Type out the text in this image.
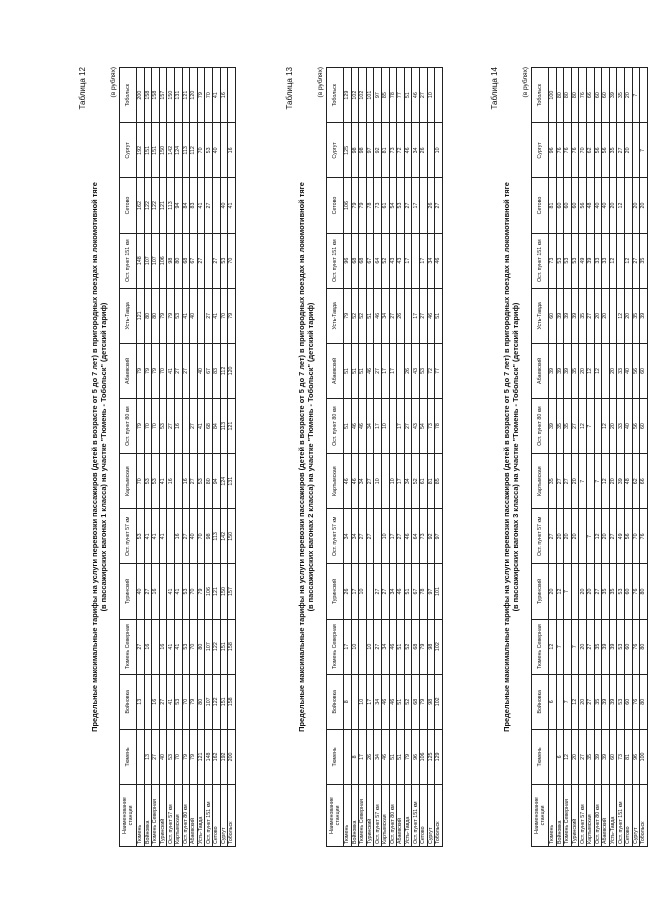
Таблица 12
Предельные максимальные тарифы на услуги перевозки пассажиров (детей в возрасте от 5 до 7 лет) в пригородных поездах на локомотивной тяге (в пассажирских вагонах 1 класса) на участке "Тюмень - Тобольск" (детский тариф)
(в рублях)
Наименование станции	Тюмень	Войновка	Тюмень Северная	Туринский	Ост. пункт 57 км	Картымская	Ост. пункт 80 км	Абаевский	Усть-Тавда	Ост. пункт 151 км	Сетово	Сургут	Тобольск
Тюмень		13	27	40	53	70	79	79	121	148	162	192	200
Войновка	13		16	27	41	53	70	79	80	107	122	151	158
Тюмень Северная	27	16		16	41	53	70	79	80	107	122	151	158
Туринский	40	27	16		41	41	53	70	79	106	121	150	157
Ост. пункт 57 км	53	41	41	41		16	27	41	79	98	113	142	150
Картымская	70	53	41	41	16		16	27	53	80	94	124	131
Ост. пункт 80 км	79	70	53	53	27	16		27	41	68	84	113	121
Абаевский	79	79	70	70	40	27	27		40	67	83	112	120
Усть-Тавда	121	80	80	79	70	53	41	40		27	41	70	79
Ост. пункт 151 км	148	107	107	106	98	80	68	67	27		27	53	70
Сетово	162	122	122	121	113	94	84	83	41	27		40	41
Сургут	192	151	151	150	142	124	113	112	70	53	40		16
Тобольск	200	158	158	157	150	131	121	120	79	70	41	16	
Таблица 13
Предельные максимальные тарифы на услуги перевозки пассажиров (детей в возрасте от 5 до 7 лет) в пригородных поездах на локомотивной тяге (в пассажирских вагонах 2 класса) на участке "Тюмень - Тобольск" (детский тариф)
(в рублях)
Наименование станции	Тюмень	Войновка	Тюмень Северная	Туринский	Ост. пункт 57 км	Картымская	Ост. пункт 80 км	Абаевский	Усть-Тавда	Ост. пункт 151 км	Сетово	Сургут	Тобольск
Тюмень		8	17	26	34	46	51	51	79	96	106	125	129
Войновка	8		10	17	34	46	46	51	52	68	79	98	102
Тюмень Северная	17	10		10	27	34	46	51	52	68	79	98	102
Туринский	26	17	10		27	27	34	46	51	67	78	97	101
Ост. пункт 57 км	34	34	27	27		10	17	27	46	64	73	92	97
Картымская	46	46	34	27	10		10	17	34	52	61	81	85
Ост. пункт 80 км	51	46	46	34	17	10		17	27	43	54	73	78
Абаевский	51	51	51	46	27	17	17		26	43	53	72	77
Усть-Тавда	79	52	52	51	46	34	27	26		17	27	46	51
Ост. пункт 151 км	96	68	68	67	64	52	43	43	17		17	34	46
Сетово	106	79	79	78	73	61	54	53	27	17		26	27
Сургут	125	98	98	97	92	81	73	72	46	34	26		10
Тобольск	129	102	102	101	97	85	78	77	51	46	27	10	
Таблица 14
Предельные максимальные тарифы на услуги перевозки пассажиров (детей в возрасте от 5 до 7 лет) в пригородных поездах на локомотивной тяге (в пассажирских вагонах 3 класса) на участке "Тюмень - Тобольск" (детский тариф)
(в рублях)
Наименование станции	Тюмень	Войновка	Тюмень Северная	Туринский	Ост. пункт 57 км	Картымская	Ост. пункт 80 км	Абаевский	Усть-Тавда	Ост. пункт 151 км	Сетово	Сургут	Тобольск
Тюмень		6	12	20	27	35	39	39	60	73	81	96	100
Войновка	6		7	12	20	27	35	39	39	53	60	76	80
Тюмень Северная	12	7		7	20	27	35	39	39	53	60	76	80
Туринский	20	12	7		20	20	27	35	39	53	60	76	80
Ост. пункт 57 км	27	20	20	20		7	12	20	35	49	56	70	76
Картымская	35	27	27	20	7		7	12	27	39	48	62	66
Ост. пункт 80 км	39	35	35	27	12	7		12	20	33	40	56	60
Абаевский	39	39	39	35	20	12	12		20	33	40	56	60
Усть-Тавда	60	39	39	35	27	20	20	20		12	20	35	39
Ост. пункт 151 км	73	53	53	53	49	39	33	33	12		12	27	35
Сетово	81	60	60	60	56	48	40	40	20	12		20	20
Сургут	96	76	76	76	70	62	56	56	35	27	20		7
Тобольск	100	80	80	80	76	66	60	60	39	35	20	7	
